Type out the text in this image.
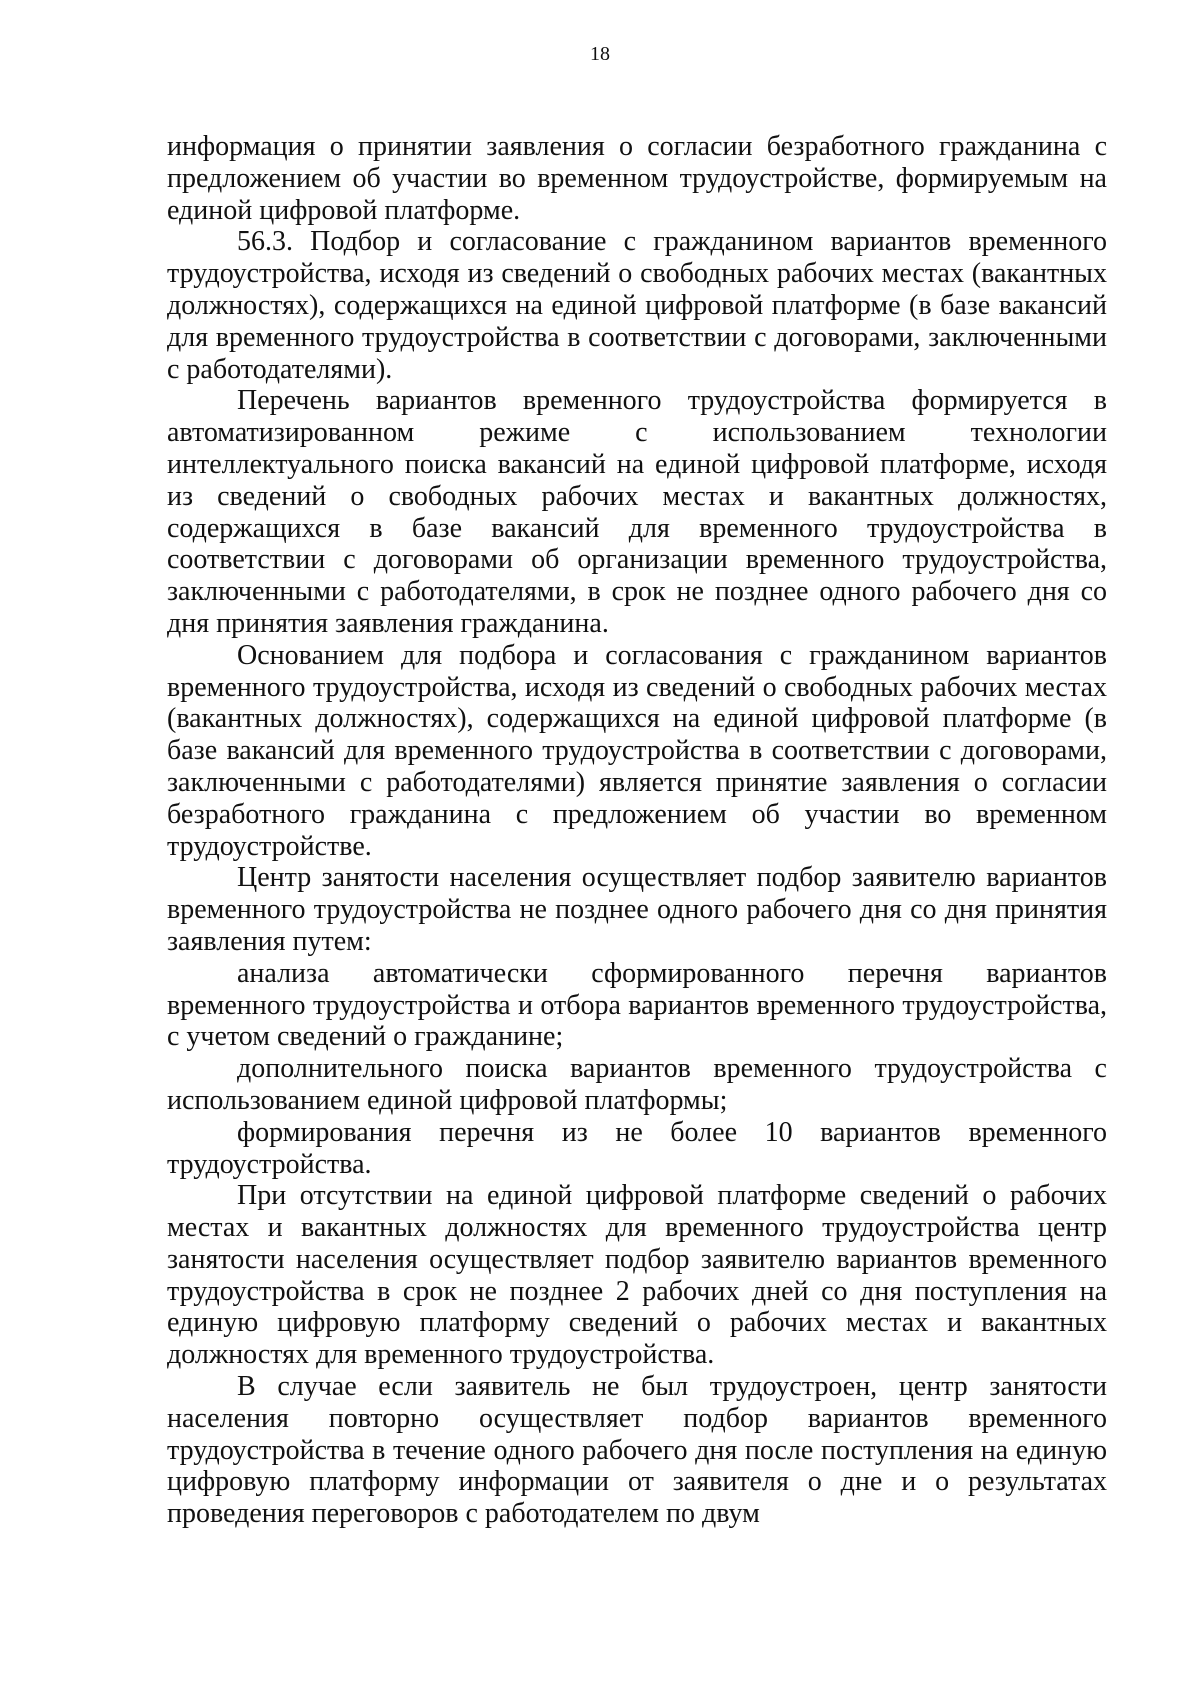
18

информация о принятии заявления о согласии безработного гражданина с предложением об участии во временном трудоустройстве, формируемым на единой цифровой платформе.

56.3. Подбор и согласование с гражданином вариантов временного трудоустройства, исходя из сведений о свободных рабочих местах (вакантных должностях), содержащихся на единой цифровой платформе (в базе вакансий для временного трудоустройства в соответствии с договорами, заключенными с работодателями).

Перечень вариантов временного трудоустройства формируется в автоматизированном режиме с использованием технологии интеллектуального поиска вакансий на единой цифровой платформе, исходя из сведений о свободных рабочих местах и вакантных должностях, содержащихся в базе вакансий для временного трудоустройства в соответствии с договорами об организации временного трудоустройства, заключенными с работодателями, в срок не позднее одного рабочего дня со дня принятия заявления гражданина.

Основанием для подбора и согласования с гражданином вариантов временного трудоустройства, исходя из сведений о свободных рабочих местах (вакантных должностях), содержащихся на единой цифровой платформе (в базе вакансий для временного трудоустройства в соответствии с договорами, заключенными с работодателями) является принятие заявления о согласии безработного гражданина с предложением об участии во временном трудоустройстве.

Центр занятости населения осуществляет подбор заявителю вариантов временного трудоустройства не позднее одного рабочего дня со дня принятия заявления путем:

анализа автоматически сформированного перечня вариантов временного трудоустройства и отбора вариантов временного трудоустройства, с учетом сведений о гражданине;

дополнительного поиска вариантов временного трудоустройства с использованием единой цифровой платформы;

формирования перечня из не более 10 вариантов временного трудоустройства.

При отсутствии на единой цифровой платформе сведений о рабочих местах и вакантных должностях для временного трудоустройства центр занятости населения осуществляет подбор заявителю вариантов временного трудоустройства в срок не позднее 2 рабочих дней со дня поступления на единую цифровую платформу сведений о рабочих местах и вакантных должностях для временного трудоустройства.

В случае если заявитель не был трудоустроен, центр занятости населения повторно осуществляет подбор вариантов временного трудоустройства в течение одного рабочего дня после поступления на единую цифровую платформу информации от заявителя о дне и о результатах проведения переговоров с работодателем по двум
